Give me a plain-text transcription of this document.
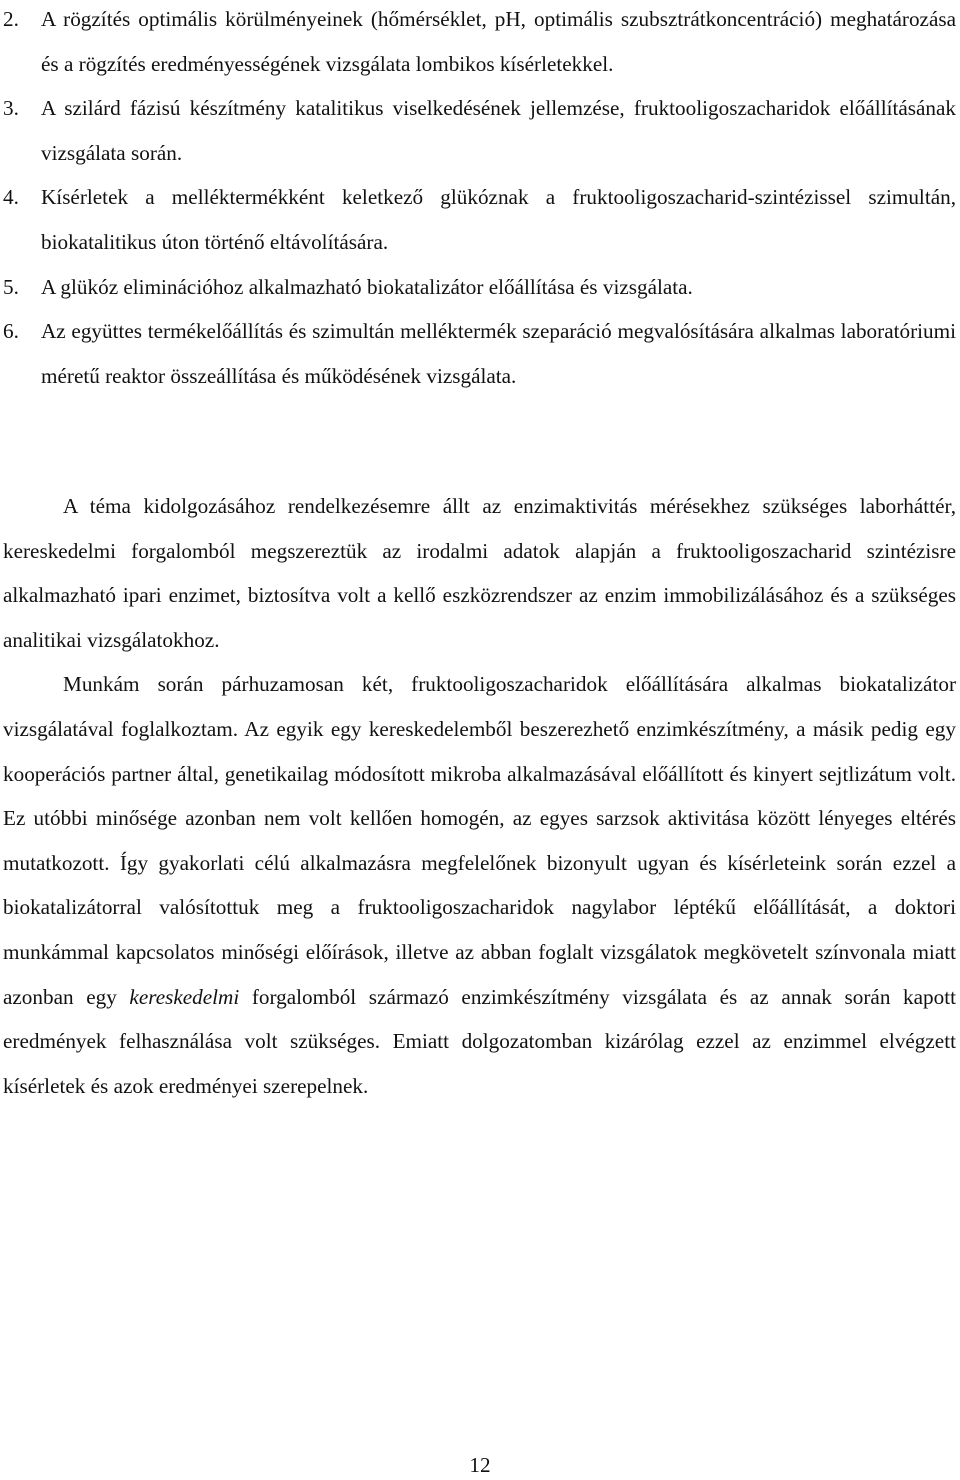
2. A rögzítés optimális körülményeinek (hőmérséklet, pH, optimális szubsztrátkoncentráció) meghatározása és a rögzítés eredményességének vizsgálata lombikos kísérletekkel.
3. A szilárd fázisú készítmény katalitikus viselkedésének jellemzése, fruktooligoszacharidok előállításának vizsgálata során.
4. Kísérletek a melléktermékként keletkező glükóznak a fruktooligoszacharid-szintézissel szimultán, biokatalitikus úton történő eltávolítására.
5. A glükóz eliminációhoz alkalmazható biokatalizátor előállítása és vizsgálata.
6. Az együttes termékelőállítás és szimultán melléktermék szeparáció megvalósítására alkalmas laboratóriumi méretű reaktor összeállítása és működésének vizsgálata.

A téma kidolgozásához rendelkezésemre állt az enzimaktivitás mérésekhez szükséges laborháttér, kereskedelmi forgalomból megszereztük az irodalmi adatok alapján a fruktooligoszacharid szintézisre alkalmazható ipari enzimet, biztosítva volt a kellő eszközrendszer az enzim immobilizálásához és a szükséges analitikai vizsgálatokhoz.

Munkám során párhuzamosan két, fruktooligoszacharidok előállítására alkalmas biokatalizátor vizsgálatával foglalkoztam. Az egyik egy kereskedelemből beszerezhető enzimkészítmény, a másik pedig egy kooperációs partner által, genetikailag módosított mikroba alkalmazásával előállított és kinyert sejtlizátum volt. Ez utóbbi minősége azonban nem volt kellően homogén, az egyes sarzsok aktivitása között lényeges eltérés mutatkozott. Így gyakorlati célú alkalmazásra megfelelőnek bizonyult ugyan és kísérleteink során ezzel a biokatalizátorral valósítottuk meg a fruktooligoszacharidok nagylabor léptékű előállítását, a doktori munkámmal kapcsolatos minőségi előírások, illetve az abban foglalt vizsgálatok megkövetelt színvonala miatt azonban egy kereskedelmi forgalomból származó enzimkészítmény vizsgálata és az annak során kapott eredmények felhasználása volt szükséges. Emiatt dolgozatomban kizárólag ezzel az enzimmel elvégzett kísérletek és azok eredményei szerepelnek.

12
